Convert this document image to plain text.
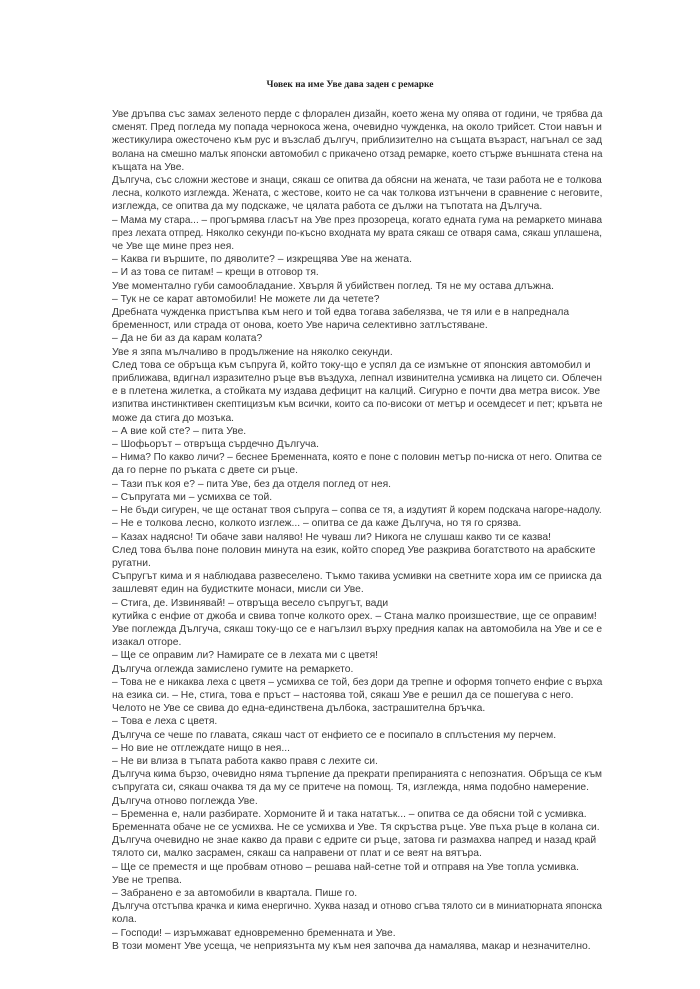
Човек на име Уве дава заден с ремарке
Уве дръпва със замах зеленото перде с флорален дизайн, което жена му опява от години, че трябва да
сменят. Пред погледа му попада чернокоса жена, очевидно чужденка, на около трийсет. Стои навън и
жестикулира ожесточено към рус и възслаб дългуч, приблизително на същата възраст, нагънал се зад
волана на смешно малък японски автомобил с прикачено отзад ремарке, което стърже външната стена на
къщата на Уве.
Дългуча, със сложни жестове и знаци, сякаш се опитва да обясни на жената, че тази работа не е толкова
лесна, колкото изглежда. Жената, с жестове, които не са чак толкова изтънчени в сравнение с неговите,
изглежда, се опитва да му подскаже, че цялата работа се дължи на тъпотата на Дългуча.
– Мама му стара... – прогърмява гласът на Уве през прозореца, когато едната гума на ремаркето минава
през лехата отпред. Няколко секунди по-късно входната му врата сякаш се отваря сама, сякаш уплашена,
че Уве ще мине през нея.
– Каква ги вършите, по дяволите? – изкрещява Уве на жената.
– И аз това се питам! – крещи в отговор тя.
Уве моментално губи самообладание. Хвърля й убийствен поглед. Тя не му остава длъжна.
– Тук не се карат автомобили! Не можете ли да четете?
Дребната чужденка пристъпва към него и той едва тогава забелязва, че тя или е в напреднала
бременност, или страда от онова, което Уве нарича селективно затлъстяване.
– Да не би аз да карам колата?
Уве я зяпа мълчаливо в продължение на няколко секунди.
След това се обръща към съпруга й, който току-що е успял да се измъкне от японския автомобил и
приближава, вдигнал изразително ръце във въздуха, лепнал извинителна усмивка на лицето си. Облечен
е в плетена жилетка, а стойката му издава дефицит на калций. Сигурно е почти два метра висок. Уве
изпитва инстинктивен скептицизъм към всички, които са по-високи от метър и осемдесет и пет; кръвта не
може да стига до мозъка.
– А вие кой сте? – пита Уве.
– Шофьорът – отвръща сърдечно Дългуча.
– Нима? По какво личи? – беснее Бременната, която е поне с половин метър по-ниска от него. Опитва се
да го перне по ръката с двете си ръце.
– Тази пък коя е? – пита Уве, без да отделя поглед от нея.
– Съпругата ми – усмихва се той.
– Не бъди сигурен, че ще останат твоя съпруга – сопва се тя, а издутият й корем подскача нагоре-надолу.
– Не е толкова лесно, колкото изглеж... – опитва се да каже Дългуча, но тя го срязва.
– Казах надясно! Ти обаче зави наляво! Не чуваш ли? Никога не слушаш какво ти се казва!
След това бълва поне половин минута на език, който според Уве разкрива богатството на арабските
ругатни.
Съпругът кима и я наблюдава развеселено. Тъкмо такива усмивки на светните хора им се прииска да
зашлевят един на будистките монаси, мисли си Уве.
– Стига, де. Извинявай! – отвръща весело съпругът, вади
кутийка с енфие от джоба и свива топче колкото орех. – Стана малко произшествие, ще се оправим!
Уве поглежда Дългуча, сякаш току-що се е нагълзил върху предния капак на автомобила на Уве и се е
изакал отгоре.
– Ще се оправим ли? Намирате се в лехата ми с цветя!
Дългуча оглежда замислено гумите на ремаркето.
– Това не е никаква леха с цветя – усмихва се той, без дори да трепне и оформя топчето енфие с върха
на езика си. – Не, стига, това е пръст – настоява той, сякаш Уве е решил да се пошегува с него.
Челото не Уве се свива до една-единствена дълбока, застрашителна бръчка.
– Това е леха с цветя.
Дългуча се чеше по главата, сякаш част от енфието се е посипало в сплъстения му перчем.
– Но вие не отглеждате нищо в нея...
– Не ви влиза в тъпата работа какво правя с лехите си.
Дългуча кима бързо, очевидно няма търпение да прекрати препиранията с непознатия. Обръща се към
съпругата си, сякаш очаква тя да му се притече на помощ. Тя, изглежда, няма подобно намерение.
Дългуча отново поглежда Уве.
– Бременна е, нали разбирате. Хормоните й и така нататък... – опитва се да обясни той с усмивка.
Бременната обаче не се усмихва. Не се усмихва и Уве. Тя скръства ръце. Уве пъха ръце в колана си.
Дългуча очевидно не знае какво да прави с едрите си ръце, затова ги размахва напред и назад край
тялото си, малко засрамен, сякаш са направени от плат и се веят на вятъра.
– Ще се преместя и ще пробвам отново – решава най-сетне той и отправя на Уве топла усмивка.
Уве не трепва.
– Забранено е за автомобили в квартала. Пише го.
Дългуча отстъпва крачка и кима енергично. Хуква назад и отново сгъва тялото си в миниатюрната японска
кола.
– Господи! – изръмжават едновременно бременната и Уве.
В този момент Уве усеща, че неприязънта му към нея започва да намалява, макар и незначително.
